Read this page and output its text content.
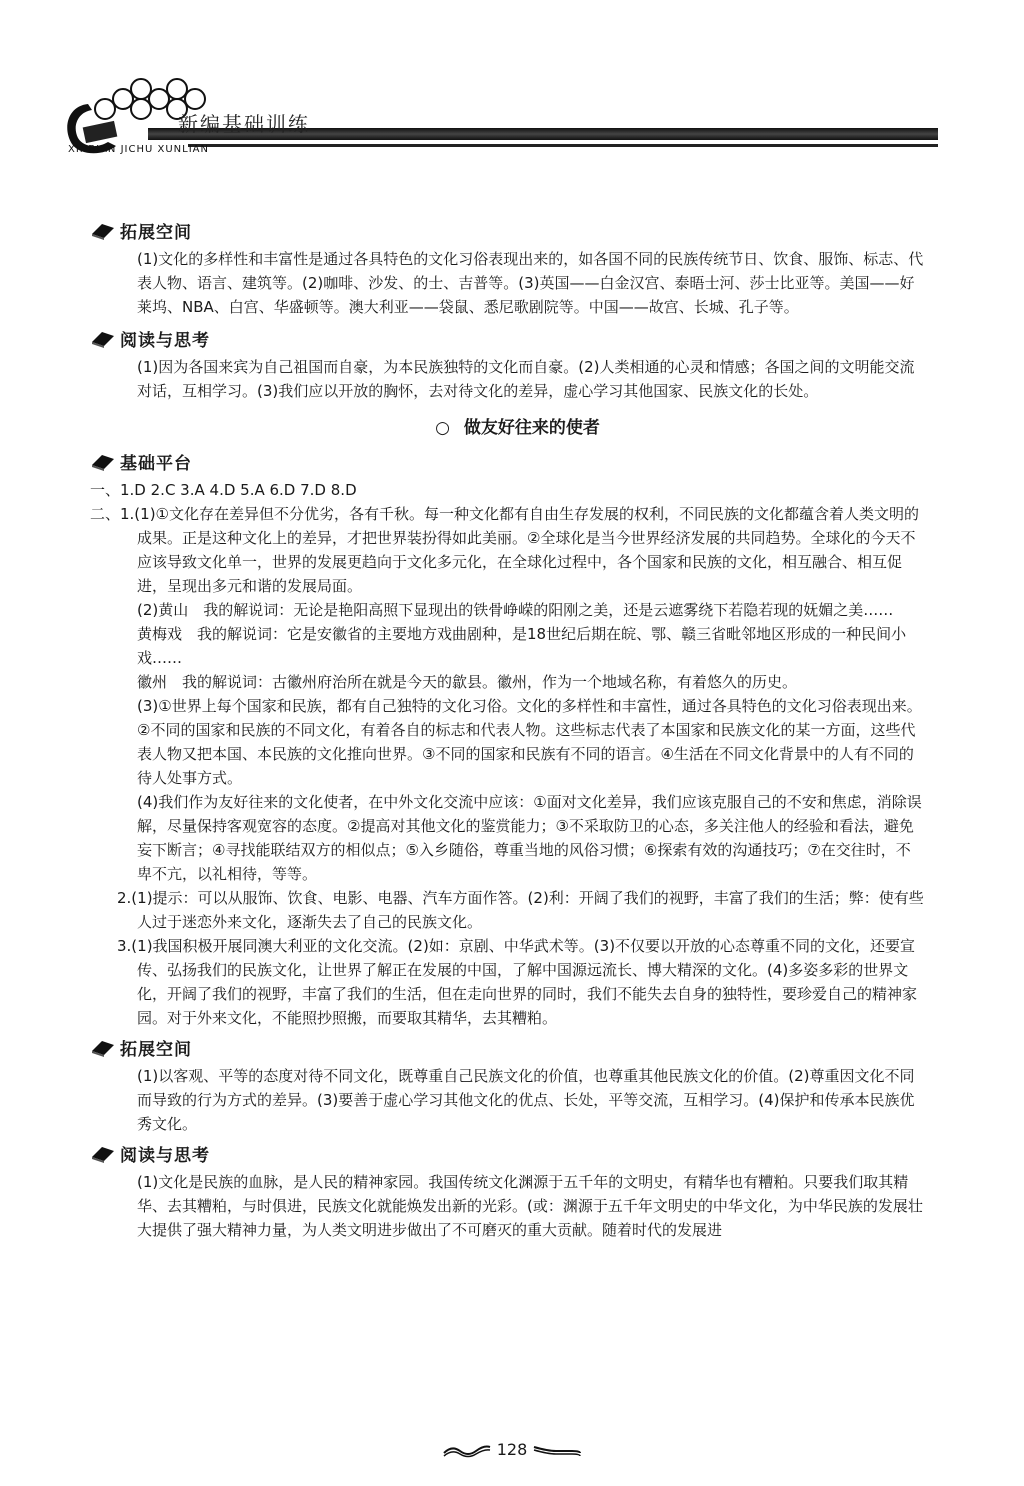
新编基础训练
XINBIAN JICHU XUNLIAN
拓展空间

(1)文化的多样性和丰富性是通过各具特色的文化习俗表现出来的，如各国不同的民族传统节日、饮食、服饰、标志、代表人物、语言、建筑等。(2)咖啡、沙发、的士、吉普等。(3)英国——白金汉宫、泰晤士河、莎士比亚等。美国——好莱坞、NBA、白宫、华盛顿等。澳大利亚——袋鼠、悉尼歌剧院等。中国——故宫、长城、孔子等。

阅读与思考

(1)因为各国来宾为自己祖国而自豪，为本民族独特的文化而自豪。(2)人类相通的心灵和情感；各国之间的文明能交流对话，互相学习。(3)我们应以开放的胸怀，去对待文化的差异，虚心学习其他国家、民族文化的长处。

○ 做友好往来的使者
基础平台

一、1.D 2.C 3.A 4.D 5.A 6.D 7.D 8.D

二、1.(1)①文化存在差异但不分优劣，各有千秋。每一种文化都有自由生存发展的权利，不同民族的文化都蕴含着人类文明的成果。正是这种文化上的差异，才把世界装扮得如此美丽。②全球化是当今世界经济发展的共同趋势。全球化的今天不应该导致文化单一，世界的发展更趋向于文化多元化，在全球化过程中，各个国家和民族的文化，相互融合、相互促进，呈现出多元和谐的发展局面。

(2)黄山　我的解说词：无论是艳阳高照下显现出的铁骨峥嵘的阳刚之美，还是云遮雾绕下若隐若现的妩媚之美……

黄梅戏　我的解说词：它是安徽省的主要地方戏曲剧种，是18世纪后期在皖、鄂、赣三省毗邻地区形成的一种民间小戏……

徽州　我的解说词：古徽州府治所在就是今天的歙县。徽州，作为一个地域名称，有着悠久的历史。

(3)①世界上每个国家和民族，都有自己独特的文化习俗。文化的多样性和丰富性，通过各具特色的文化习俗表现出来。②不同的国家和民族的不同文化，有着各自的标志和代表人物。这些标志代表了本国家和民族文化的某一方面，这些代表人物又把本国、本民族的文化推向世界。③不同的国家和民族有不同的语言。④生活在不同文化背景中的人有不同的待人处事方式。

(4)我们作为友好往来的文化使者，在中外文化交流中应该：①面对文化差异，我们应该克服自己的不安和焦虑，消除误解，尽量保持客观宽容的态度。②提高对其他文化的鉴赏能力；③不采取防卫的心态，多关注他人的经验和看法，避免妄下断言；④寻找能联结双方的相似点；⑤入乡随俗，尊重当地的风俗习惯；⑥探索有效的沟通技巧；⑦在交往时，不卑不亢，以礼相待，等等。

2.(1)提示：可以从服饰、饮食、电影、电器、汽车方面作答。(2)利：开阔了我们的视野，丰富了我们的生活；弊：使有些人过于迷恋外来文化，逐渐失去了自己的民族文化。

3.(1)我国积极开展同澳大利亚的文化交流。(2)如：京剧、中华武术等。(3)不仅要以开放的心态尊重不同的文化，还要宣传、弘扬我们的民族文化，让世界了解正在发展的中国，了解中国源远流长、博大精深的文化。(4)多姿多彩的世界文化，开阔了我们的视野，丰富了我们的生活，但在走向世界的同时，我们不能失去自身的独特性，要珍爱自己的精神家园。对于外来文化，不能照抄照搬，而要取其精华，去其糟粕。

拓展空间

(1)以客观、平等的态度对待不同文化，既尊重自己民族文化的价值，也尊重其他民族文化的价值。(2)尊重因文化不同而导致的行为方式的差异。(3)要善于虚心学习其他文化的优点、长处，平等交流，互相学习。(4)保护和传承本民族优秀文化。

阅读与思考

(1)文化是民族的血脉，是人民的精神家园。我国传统文化渊源于五千年的文明史，有精华也有糟粕。只要我们取其精华、去其糟粕，与时俱进，民族文化就能焕发出新的光彩。(或：渊源于五千年文明史的中华文化，为中华民族的发展壮大提供了强大精神力量，为人类文明进步做出了不可磨灭的重大贡献。随着时代的发展进

128
